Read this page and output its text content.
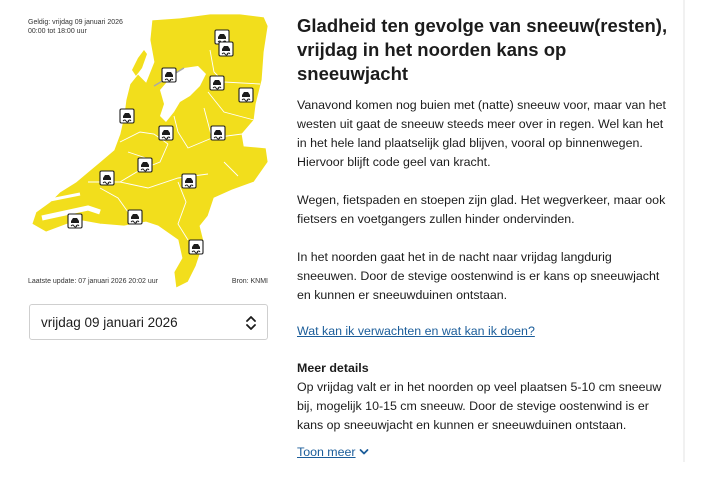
Geldig: vrijdag 09 januari 2026
00:00 tot 18:00 uur
Laatste update: 07 januari 2026 20:02 uur	Bron: KNMI
vrijdag 09 januari 2026
Gladheid ten gevolge van sneeuw(resten), vrijdag in het noorden kans op sneeuwjacht

Vanavond komen nog buien met (natte) sneeuw voor, maar van het westen uit gaat de sneeuw steeds meer over in regen. Wel kan het in het hele land plaatselijk glad blijven, vooral op binnenwegen. Hiervoor blijft code geel van kracht.

Wegen, fietspaden en stoepen zijn glad. Het wegverkeer, maar ook fietsers en voetgangers zullen hinder ondervinden.

In het noorden gaat het in de nacht naar vrijdag langdurig sneeuwen. Door de stevige oostenwind is er kans op sneeuwjacht en kunnen er sneeuwduinen ontstaan.

Wat kan ik verwachten en wat kan ik doen?
Meer details

Op vrijdag valt er in het noorden op veel plaatsen 5-10 cm sneeuw bij, mogelijk 10-15 cm sneeuw. Door de stevige oostenwind is er kans op sneeuwjacht en kunnen er sneeuwduinen ontstaan.

Toon meer
